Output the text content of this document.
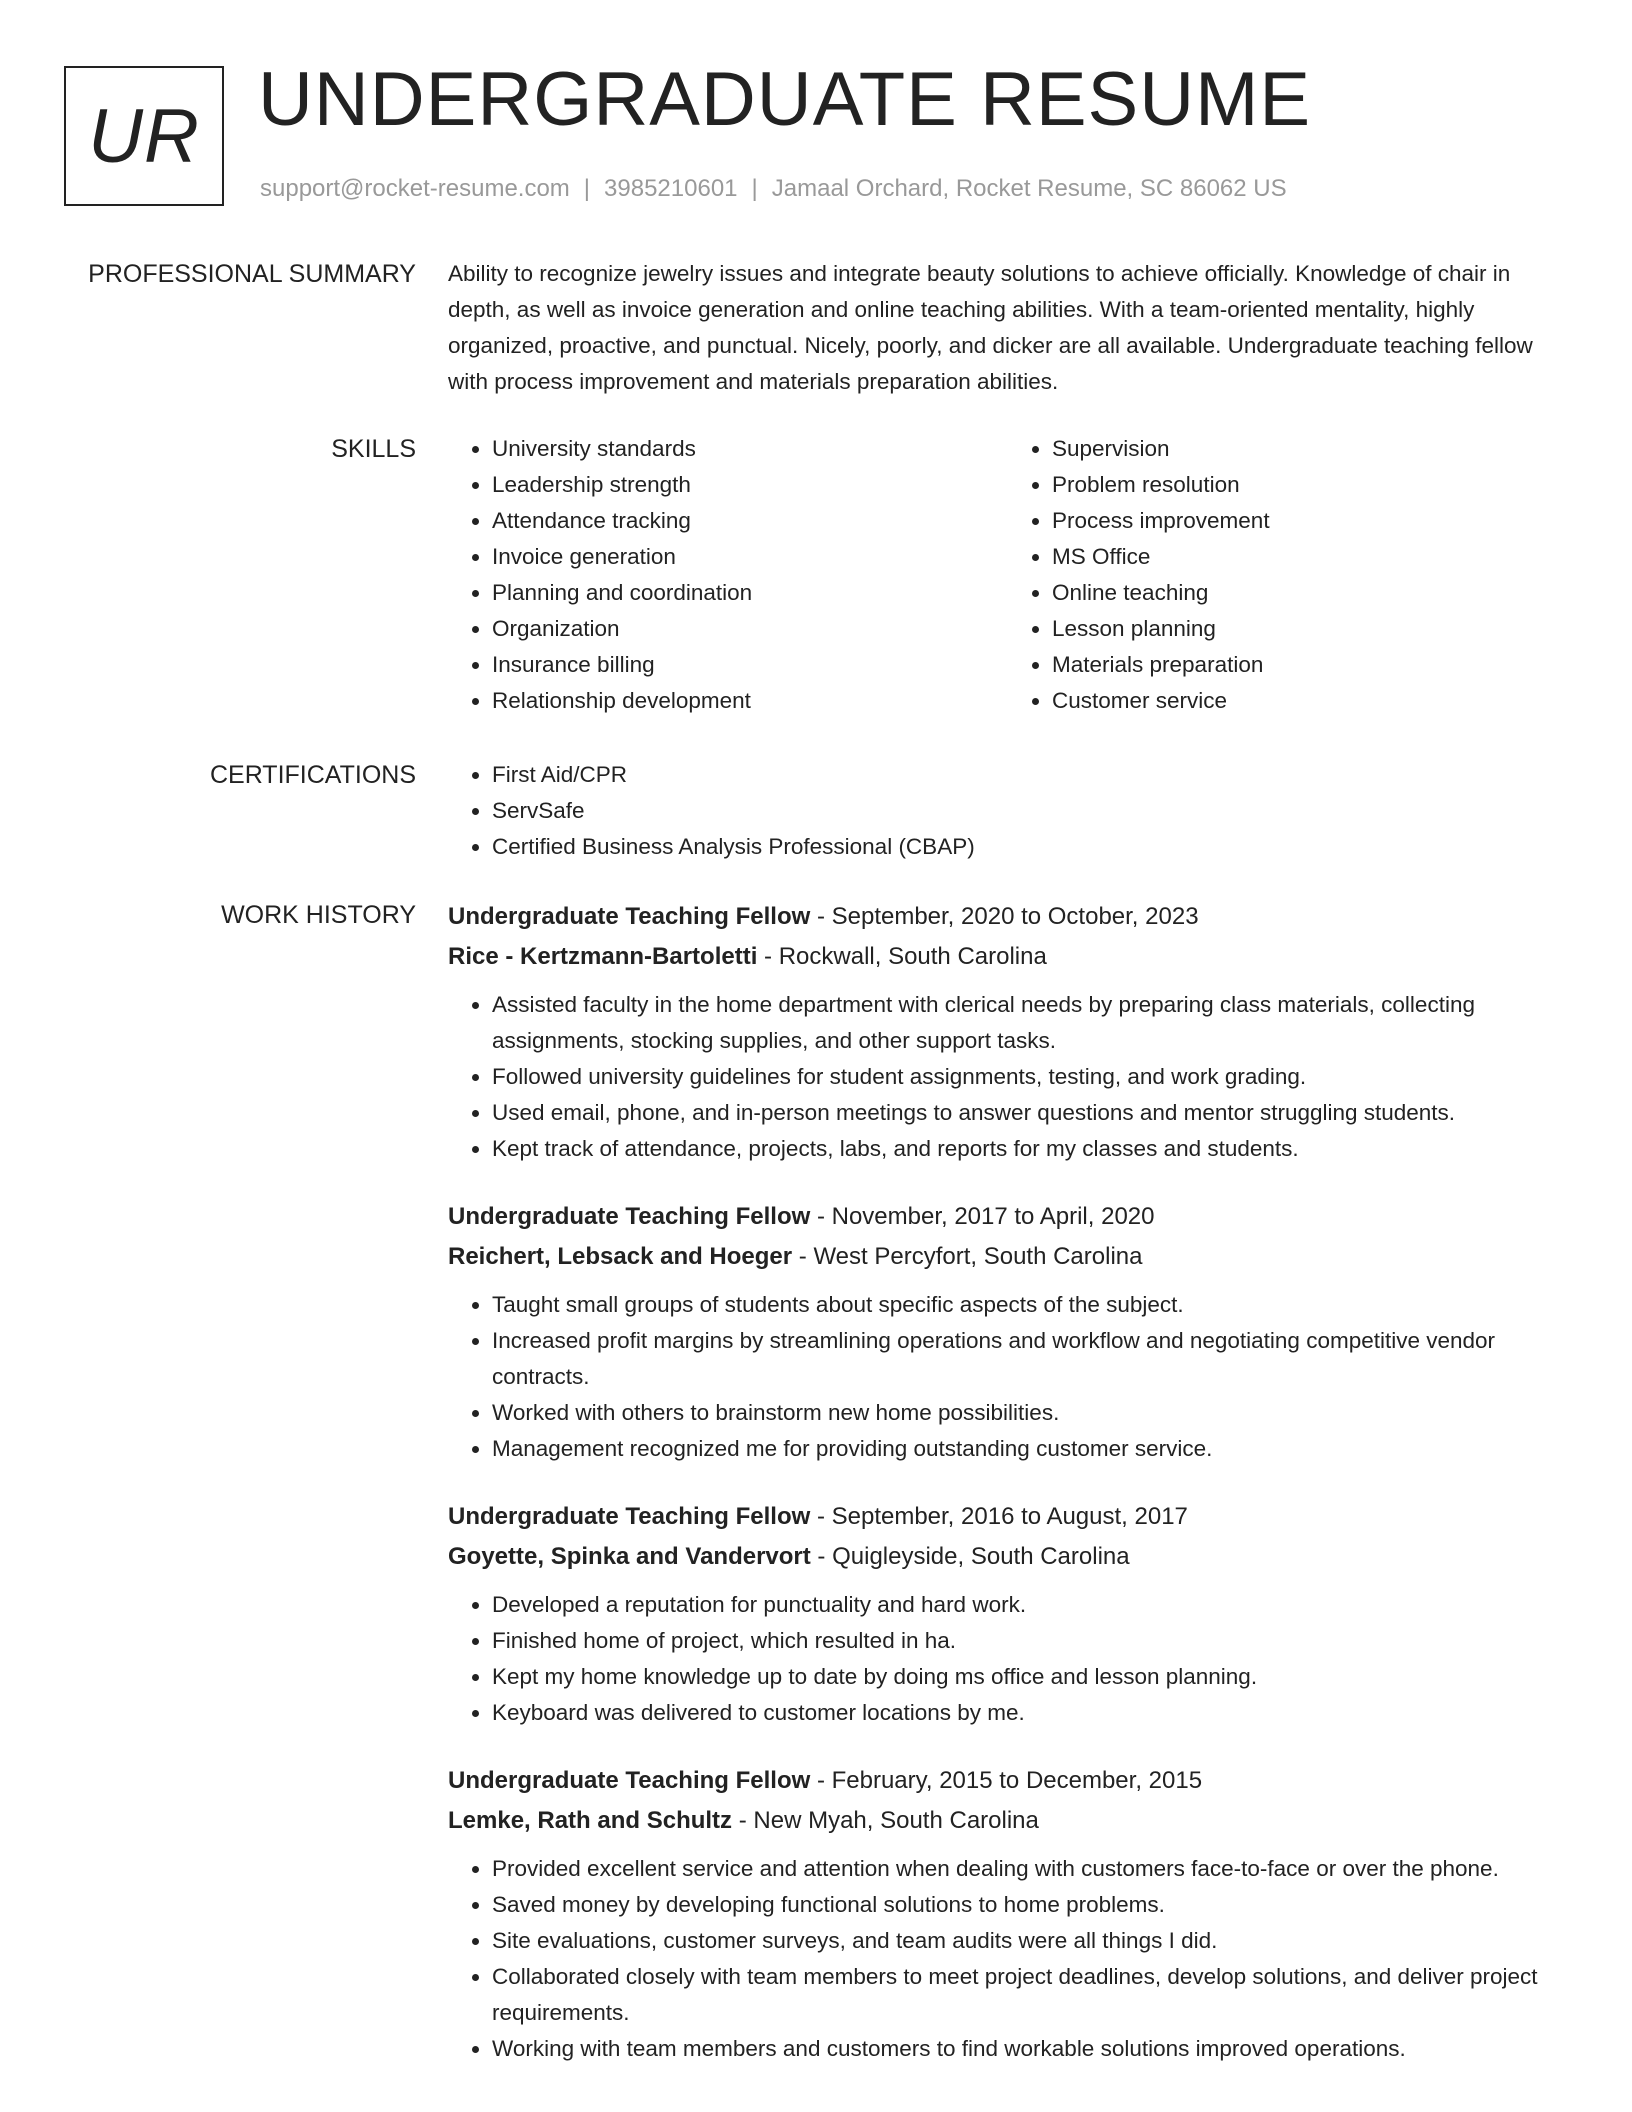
UR UNDERGRADUATE RESUME
support@rocket-resume.com | 3985210601 | Jamaal Orchard, Rocket Resume, SC 86062 US
PROFESSIONAL SUMMARY Ability to recognize jewelry issues and integrate beauty solutions to achieve officially. Knowledge of chair in depth, as well as invoice generation and online teaching abilities. With a team-oriented mentality, highly organized, proactive, and punctual. Nicely, poorly, and dicker are all available. Undergraduate teaching fellow with process improvement and materials preparation abilities.
SKILLS	• University standards
• Leadership strength
• Attendance tracking
• Invoice generation
• Planning and coordination
• Organization
• Insurance billing
• Relationship development
• Supervision
• Problem resolution
• Process improvement
• MS Office
• Online teaching
• Lesson planning
• Materials preparation
• Customer service
CERTIFICATIONS	• First Aid/CPR
• ServSafe
• Certified Business Analysis Professional (CBAP)
WORK HISTORY Undergraduate Teaching Fellow - September, 2020 to October, 2023
Rice - Kertzmann-Bartoletti - Rockwall, South Carolina
• Assisted faculty in the home department with clerical needs by preparing class materials, collecting assignments, stocking supplies, and other support tasks.
• Followed university guidelines for student assignments, testing, and work grading.
• Used email, phone, and in-person meetings to answer questions and mentor struggling students.
• Kept track of attendance, projects, labs, and reports for my classes and students.
Undergraduate Teaching Fellow - November, 2017 to April, 2020
Reichert, Lebsack and Hoeger - West Percyfort, South Carolina
• Taught small groups of students about specific aspects of the subject.
• Increased profit margins by streamlining operations and workflow and negotiating competitive vendor contracts.
• Worked with others to brainstorm new home possibilities.
• Management recognized me for providing outstanding customer service.
Undergraduate Teaching Fellow - September, 2016 to August, 2017
Goyette, Spinka and Vandervort - Quigleyside, South Carolina
• Developed a reputation for punctuality and hard work.
• Finished home of project, which resulted in ha.
• Kept my home knowledge up to date by doing ms office and lesson planning.
• Keyboard was delivered to customer locations by me.
Undergraduate Teaching Fellow - February, 2015 to December, 2015
Lemke, Rath and Schultz - New Myah, South Carolina
• Provided excellent service and attention when dealing with customers face-to-face or over the phone.
• Saved money by developing functional solutions to home problems.
• Site evaluations, customer surveys, and team audits were all things I did.
• Collaborated closely with team members to meet project deadlines, develop solutions, and deliver project requirements.
• Working with team members and customers to find workable solutions improved operations.
